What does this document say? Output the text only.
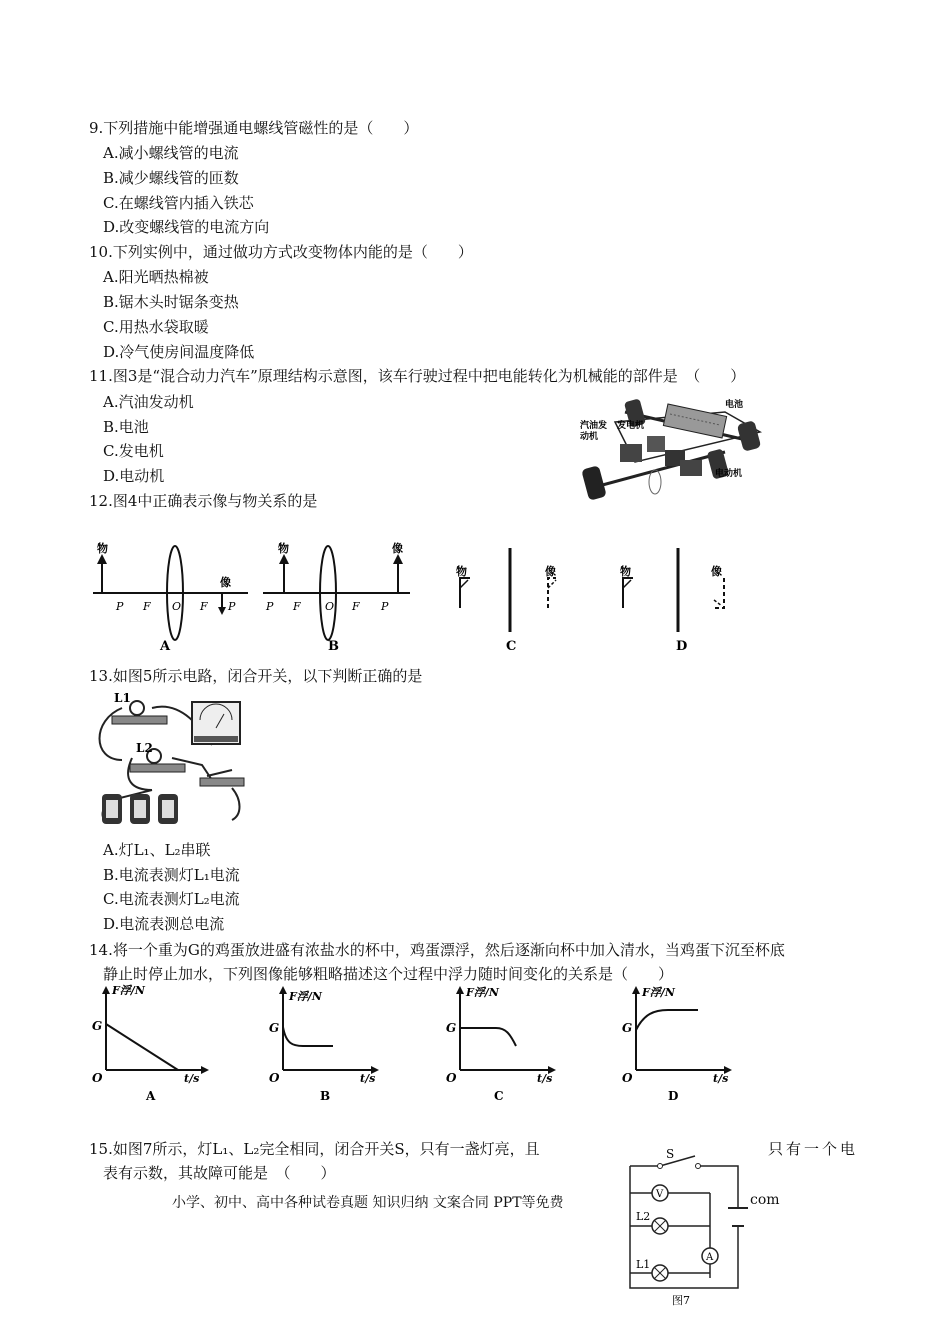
9.下列措施中能增强通电螺线管磁性的是（　　）
A.减小螺线管的电流
B.减少螺线管的匝数
C.在螺线管内插入铁芯
D.改变螺线管的电流方向
10.下列实例中，通过做功方式改变物体内能的是（　　）
A.阳光晒热棉被
B.锯木头时锯条变热
C.用热水袋取暖
D.冷气使房间温度降低
11.图3是“混合动力汽车”原理结构示意图，该车行驶过程中把电能转化为机械能的部件是　（　　）
A.汽油发动机
B.电池
C.发电机
D.电动机
电池
汽油发
动机
发电机
电动机
12.图4中正确表示像与物关系的是
物
像
P F O F P
A
物	像
P F O F P
B
物	像
C
物	像
D
13.如图5所示电路，闭合开关，以下判断正确的是
L1
L2
A.灯L₁、L₂串联
B.电流表测灯L₁电流
C.电流表测灯L₂电流
D.电流表测总电流
14.将一个重为G的鸡蛋放进盛有浓盐水的杯中，鸡蛋漂浮，然后逐渐向杯中加入清水，当鸡蛋下沉至杯底
静止时停止加水，下列图像能够粗略描述这个过程中浮力随时间变化的关系是（　　）
F浮/N
G
O	t/s
A
F浮/N
G
O	t/s
B
F浮/N
G
O	t/s
C
F浮/N
G
O	t/s
D
15.如图7所示，灯L₁、L₂完全相同，闭合开关S，只有一盏灯亮，且	只有一个电
表有示数，其故障可能是　（　　）
小学、初中、高中各种试卷真题 知识归纳 文案合同 PPT等免费	com
S
V
L2
A
L1
图7
